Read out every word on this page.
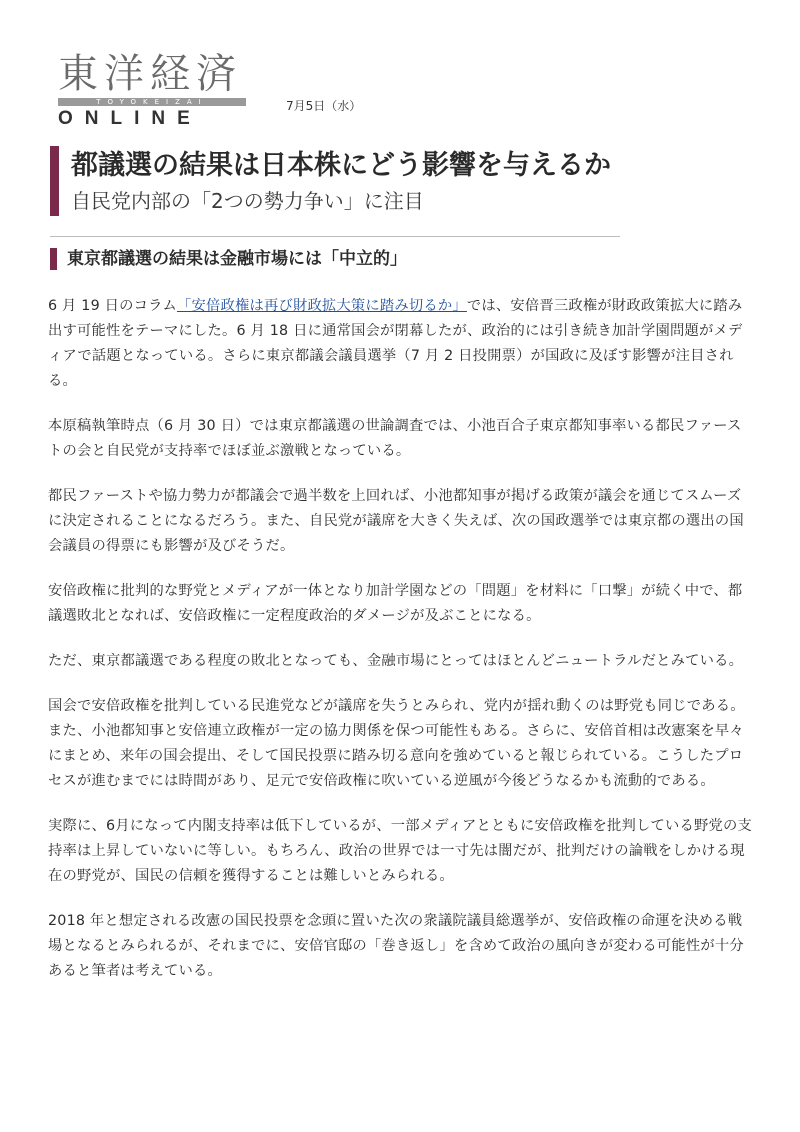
東洋経済
TOYOKEIZAI
ONLINE
7月5日（水）
都議選の結果は日本株にどう影響を与えるか
自民党内部の「2つの勢力争い」に注目
東京都議選の結果は金融市場には「中立的」

6 月 19 日のコラム「安倍政権は再び財政拡大策に踏み切るか」では、安倍晋三政権が財政政策拡大に踏み出す可能性をテーマにした。6 月 18 日に通常国会が閉幕したが、政治的には引き続き加計学園問題がメディアで話題となっている。さらに東京都議会議員選挙（7 月 2 日投開票）が国政に及ぼす影響が注目される。

本原稿執筆時点（6 月 30 日）では東京都議選の世論調査では、小池百合子東京都知事率いる都民ファーストの会と自民党が支持率でほぼ並ぶ激戦となっている。

都民ファーストや協力勢力が都議会で過半数を上回れば、小池都知事が掲げる政策が議会を通じてスムーズに決定されることになるだろう。また、自民党が議席を大きく失えば、次の国政選挙では東京都の選出の国会議員の得票にも影響が及びそうだ。

安倍政権に批判的な野党とメディアが一体となり加計学園などの「問題」を材料に「口撃」が続く中で、都議選敗北となれば、安倍政権に一定程度政治的ダメージが及ぶことになる。

ただ、東京都議選である程度の敗北となっても、金融市場にとってはほとんどニュートラルだとみている。

国会で安倍政権を批判している民進党などが議席を失うとみられ、党内が揺れ動くのは野党も同じである。また、小池都知事と安倍連立政権が一定の協力関係を保つ可能性もある。さらに、安倍首相は改憲案を早々にまとめ、来年の国会提出、そして国民投票に踏み切る意向を強めていると報じられている。こうしたプロセスが進むまでには時間があり、足元で安倍政権に吹いている逆風が今後どうなるかも流動的である。

実際に、6月になって内閣支持率は低下しているが、一部メディアとともに安倍政権を批判している野党の支持率は上昇していないに等しい。もちろん、政治の世界では一寸先は闇だが、批判だけの論戦をしかける現在の野党が、国民の信頼を獲得することは難しいとみられる。

2018 年と想定される改憲の国民投票を念頭に置いた次の衆議院議員総選挙が、安倍政権の命運を決める戦場となるとみられるが、それまでに、安倍官邸の「巻き返し」を含めて政治の風向きが変わる可能性が十分あると筆者は考えている。
